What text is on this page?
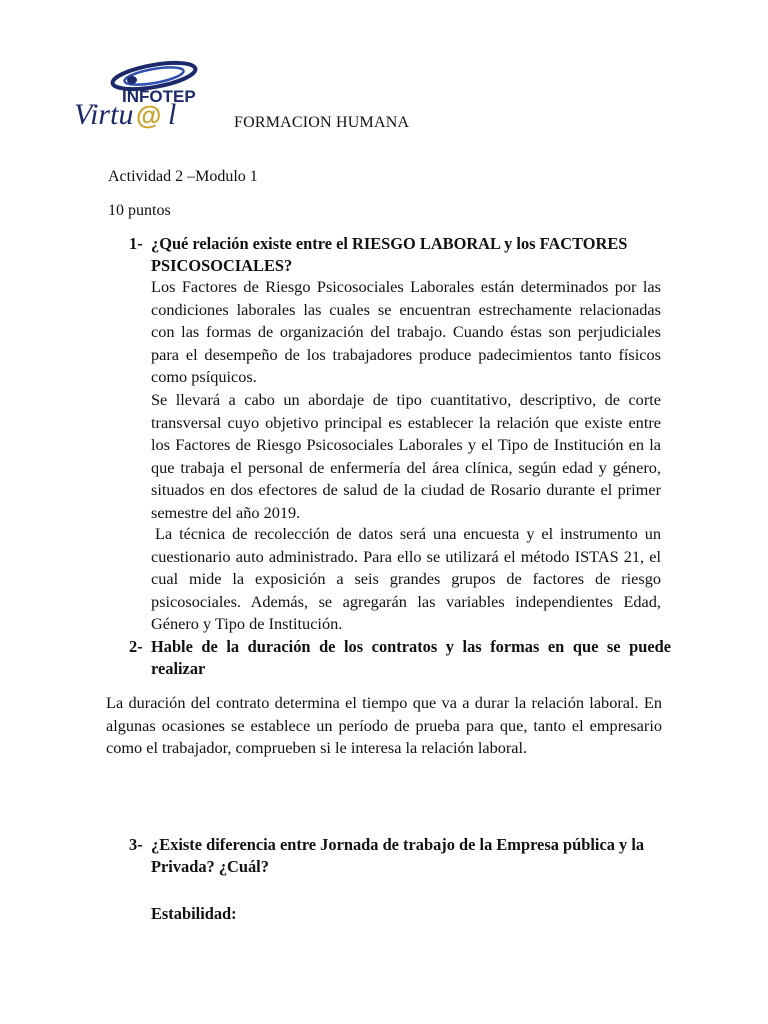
INFOTEP
Virtu @ l	FORMACION HUMANA
Actividad 2 –Modulo 1
10 puntos
1- ¿Qué relación existe entre el RIESGO LABORAL y los FACTORES PSICOSOCIALES?
Los Factores de Riesgo Psicosociales Laborales están determinados por las condiciones laborales las cuales se encuentran estrechamente relacionadas con las formas de organización del trabajo. Cuando éstas son perjudiciales para el desempeño de los trabajadores produce padecimientos tanto físicos como psíquicos.
Se llevará a cabo un abordaje de tipo cuantitativo, descriptivo, de corte transversal cuyo objetivo principal es establecer la relación que existe entre los Factores de Riesgo Psicosociales Laborales y el Tipo de Institución en la que trabaja el personal de enfermería del área clínica, según edad y género, situados en dos efectores de salud de la ciudad de Rosario durante el primer semestre del año 2019.
La técnica de recolección de datos será una encuesta y el instrumento un cuestionario auto administrado. Para ello se utilizará el método ISTAS 21, el cual mide la exposición a seis grandes grupos de factores de riesgo psicosociales. Además, se agregarán las variables independientes Edad, Género y Tipo de Institución.
2- Hable de la duración de los contratos y las formas en que se puede realizar
La duración del contrato determina el tiempo que va a durar la relación laboral. En algunas ocasiones se establece un período de prueba para que, tanto el empresario como el trabajador, comprueben si le interesa la relación laboral.
3- ¿Existe diferencia entre Jornada de trabajo de la Empresa pública y la Privada? ¿Cuál?
Estabilidad:
